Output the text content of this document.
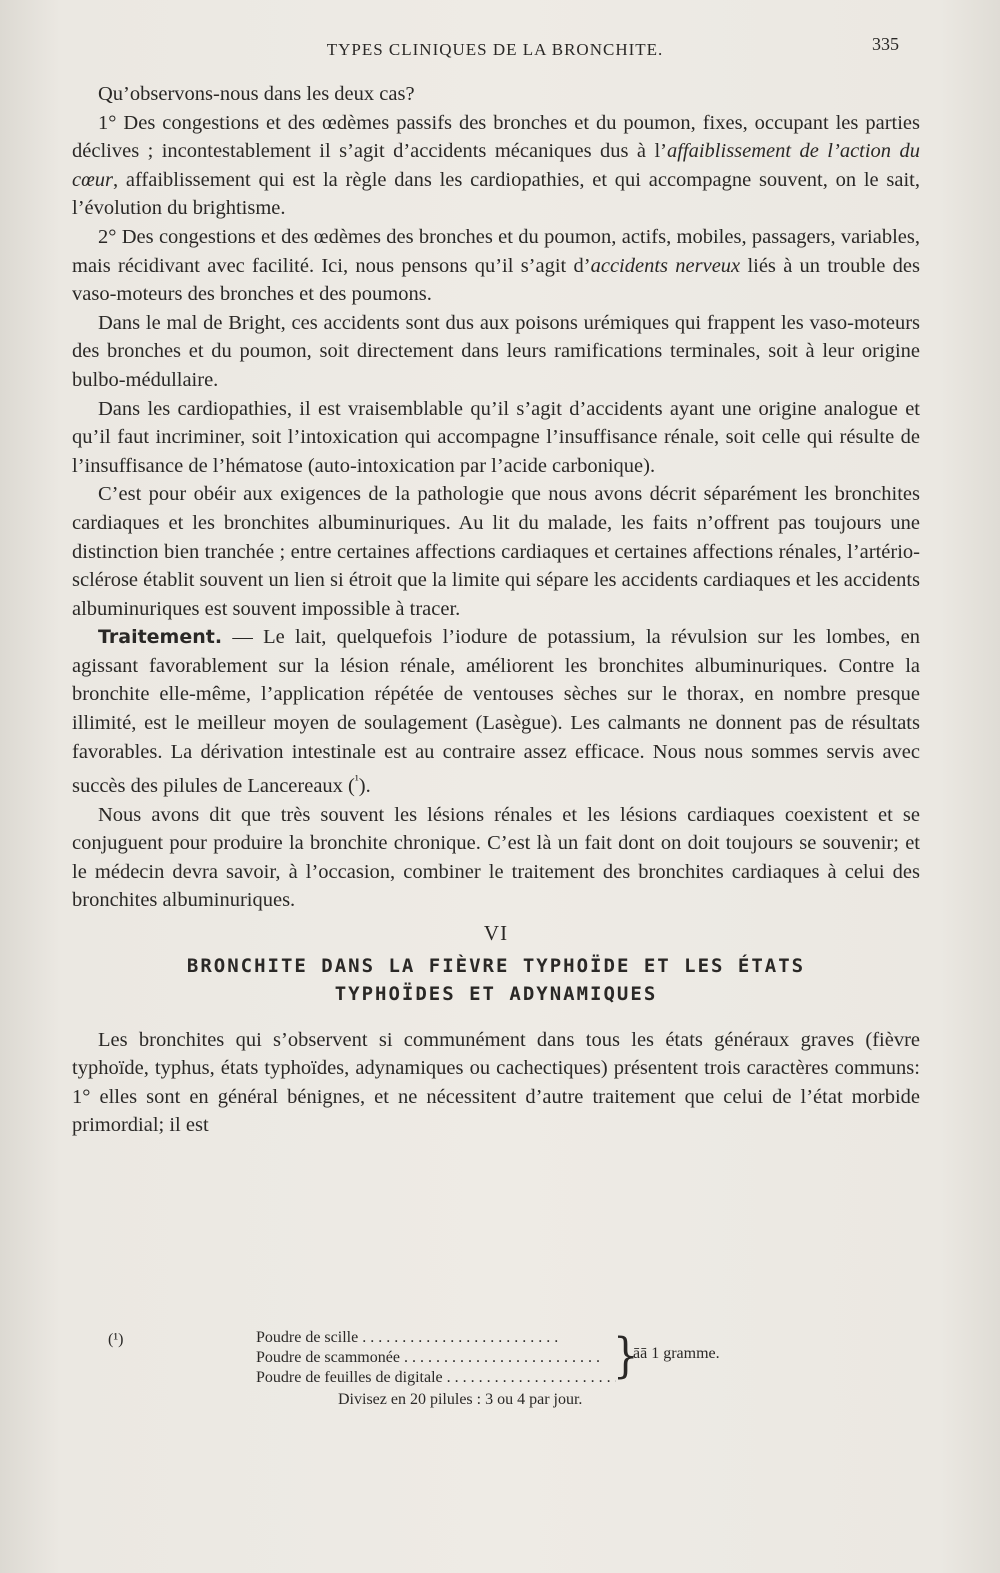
TYPES CLINIQUES DE LA BRONCHITE.	335

Qu’observons-nous dans les deux cas?

1° Des congestions et des œdèmes passifs des bronches et du poumon, fixes, occupant les parties déclives ; incontestablement il s’agit d’accidents mécaniques dus à l’affaiblissement de l’action du cœur, affaiblissement qui est la règle dans les cardiopathies, et qui accompagne souvent, on le sait, l’évolution du brightisme.

2° Des congestions et des œdèmes des bronches et du poumon, actifs, mobiles, passagers, variables, mais récidivant avec facilité. Ici, nous pensons qu’il s’agit d’accidents nerveux liés à un trouble des vaso-moteurs des bronches et des poumons.

Dans le mal de Bright, ces accidents sont dus aux poisons urémiques qui frappent les vaso-moteurs des bronches et du poumon, soit directement dans leurs ramifications terminales, soit à leur origine bulbo-médullaire.

Dans les cardiopathies, il est vraisemblable qu’il s’agit d’accidents ayant une origine analogue et qu’il faut incriminer, soit l’intoxication qui accompagne l’insuffisance rénale, soit celle qui résulte de l’insuffisance de l’hématose (auto-intoxication par l’acide carbonique).

C’est pour obéir aux exigences de la pathologie que nous avons décrit séparément les bronchites cardiaques et les bronchites albuminuriques. Au lit du malade, les faits n’offrent pas toujours une distinction bien tranchée ; entre certaines affections cardiaques et certaines affections rénales, l’artério-sclérose établit souvent un lien si étroit que la limite qui sépare les accidents cardiaques et les accidents albuminuriques est souvent impossible à tracer.

Traitement. — Le lait, quelquefois l’iodure de potassium, la révulsion sur les lombes, en agissant favorablement sur la lésion rénale, améliorent les bronchites albuminuriques. Contre la bronchite elle-même, l’application répétée de ventouses sèches sur le thorax, en nombre presque illimité, est le meilleur moyen de soulagement (Lasègue). Les calmants ne donnent pas de résultats favorables. La dérivation intestinale est au contraire assez efficace. Nous nous sommes servis avec succès des pilules de Lancereaux ($^{^1}$).

Nous avons dit que très souvent les lésions rénales et les lésions cardiaques coexistent et se conjuguent pour produire la bronchite chronique. C’est là un fait dont on doit toujours se souvenir; et le médecin devra savoir, à l’occasion, combiner le traitement des bronchites cardiaques à celui des bronchites albuminuriques.

VI
BRONCHITE DANS LA FIÈVRE TYPHOÏDE ET LES ÉTATS
TYPHOÏDES ET ADYNAMIQUES

Les bronchites qui s’observent si communément dans tous les états généraux graves (fièvre typhoïde, typhus, états typhoïdes, adynamiques ou cachectiques) présentent trois caractères communs: 1° elles sont en général bénignes, et ne nécessitent d’autre traitement que celui de l’état morbide primordial; il est

(¹)	Poudre de scille . . .
Poudre de scammonée . . .
Poudre de feuilles de digitale . . .	}
āā 1 gramme.
Divisez en 20 pilules : 3 ou 4 par jour.
